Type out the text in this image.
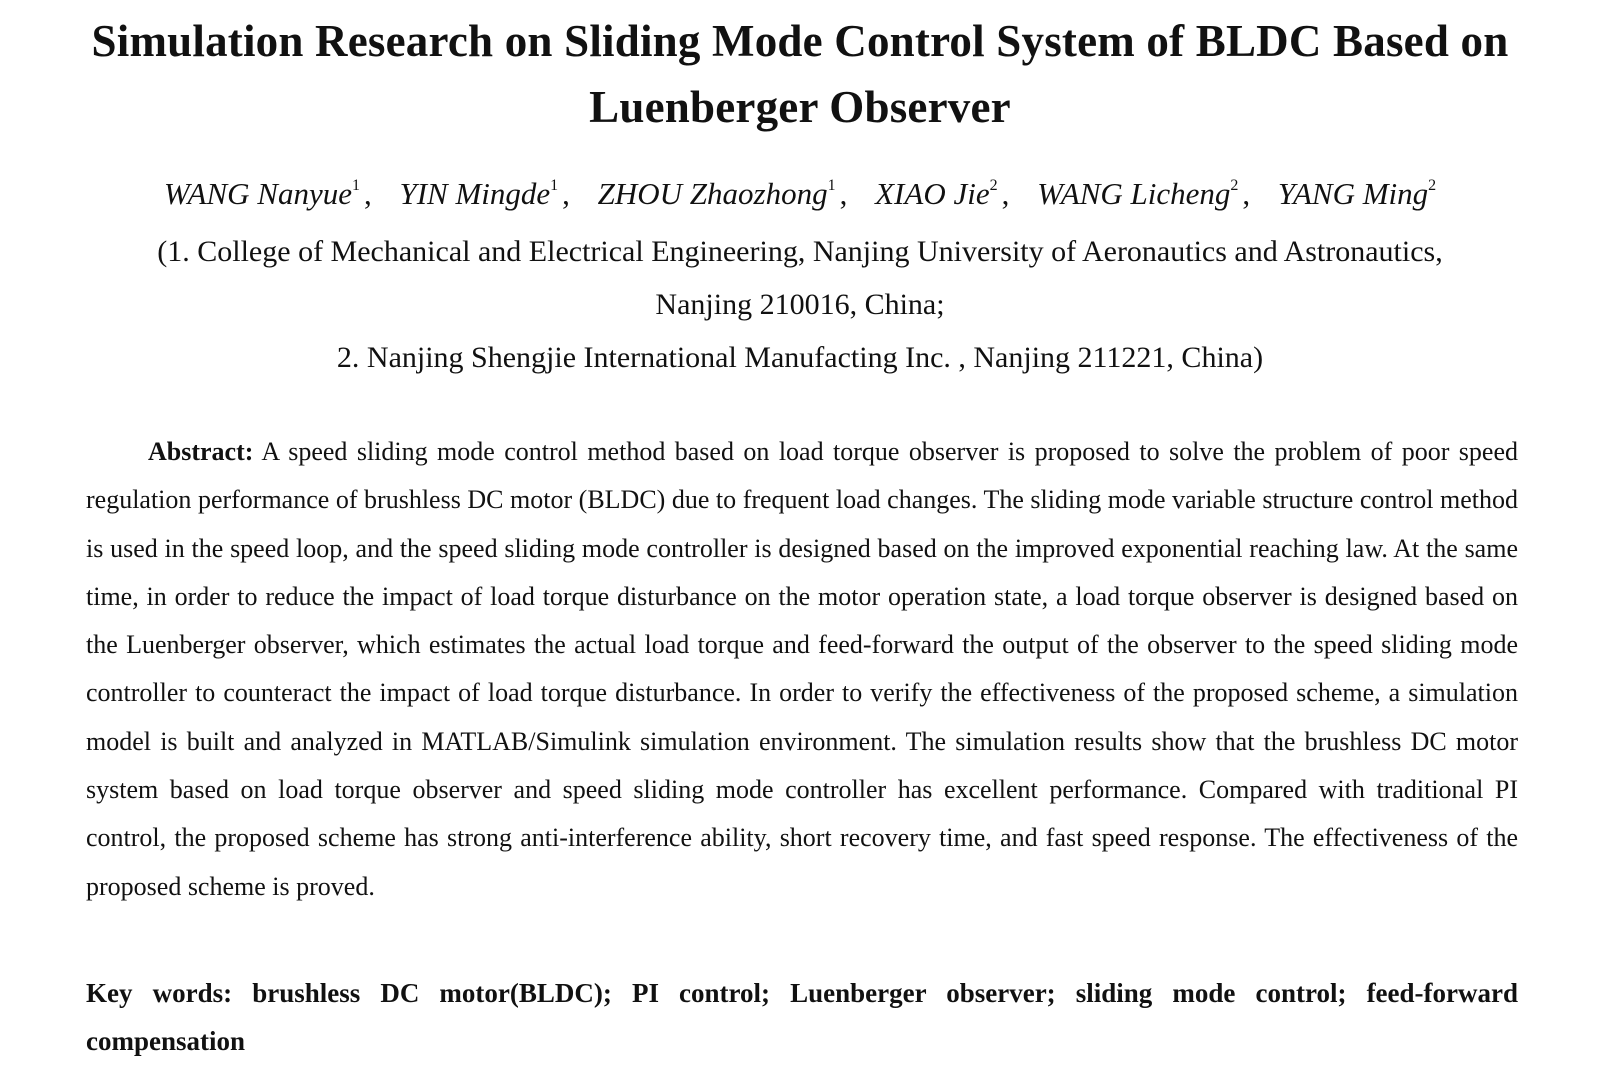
Simulation Research on Sliding Mode Control System of BLDC Based on Luenberger Observer
WANG Nanyue$^1$ , YIN Mingde$^1$ , ZHOU Zhaozhong$^1$ , XIAO Jie$^2$ , WANG Licheng$^2$ , YANG Ming$^2$
(1. College of Mechanical and Electrical Engineering, Nanjing University of Aeronautics and Astronautics,
Nanjing 210016, China;
2. Nanjing Shengjie International Manufacting Inc. , Nanjing 211221, China)

Abstract: A speed sliding mode control method based on load torque observer is proposed to solve the problem of poor speed regulation performance of brushless DC motor (BLDC) due to frequent load changes. The sliding mode variable structure control method is used in the speed loop, and the speed sliding mode controller is designed based on the improved exponential reaching law. At the same time, in order to reduce the impact of load torque disturbance on the motor operation state, a load torque observer is designed based on the Luenberger observer, which estimates the actual load torque and feed-forward the output of the observer to the speed sliding mode controller to counteract the impact of load torque disturbance. In order to verify the effectiveness of the proposed scheme, a simulation model is built and analyzed in MATLAB/Simulink simulation environment. The simulation results show that the brushless DC motor system based on load torque observer and speed sliding mode controller has excellent performance. Compared with traditional PI control, the proposed scheme has strong anti-interference ability, short recovery time, and fast speed response. The effectiveness of the proposed scheme is proved.

Key words: brushless DC motor(BLDC); PI control; Luenberger observer; sliding mode control; feed-forward compensation
